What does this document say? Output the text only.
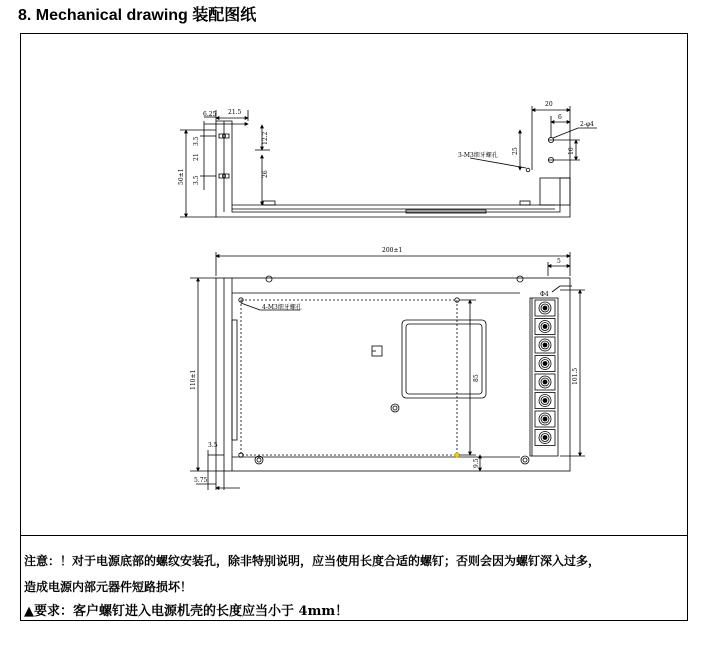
8. Mechanical drawing 装配图纸
6.25 21.5
3.5
21
3.5
50±1
12.2
26
20
6
2-φ4
10
25
3-M3细牙螺孔
200±1
5
Φ4
110±1	85	101.5
9.5
3.5
5.75
4-M3细牙螺孔
注意：！对于电源底部的螺纹安装孔，除非特别说明，应当使用长度合适的螺钉；否则会因为螺钉深入过多，
造成电源内部元器件短路损坏！
▲要求：客户螺钉进入电源机壳的长度应当小于 4mm！
